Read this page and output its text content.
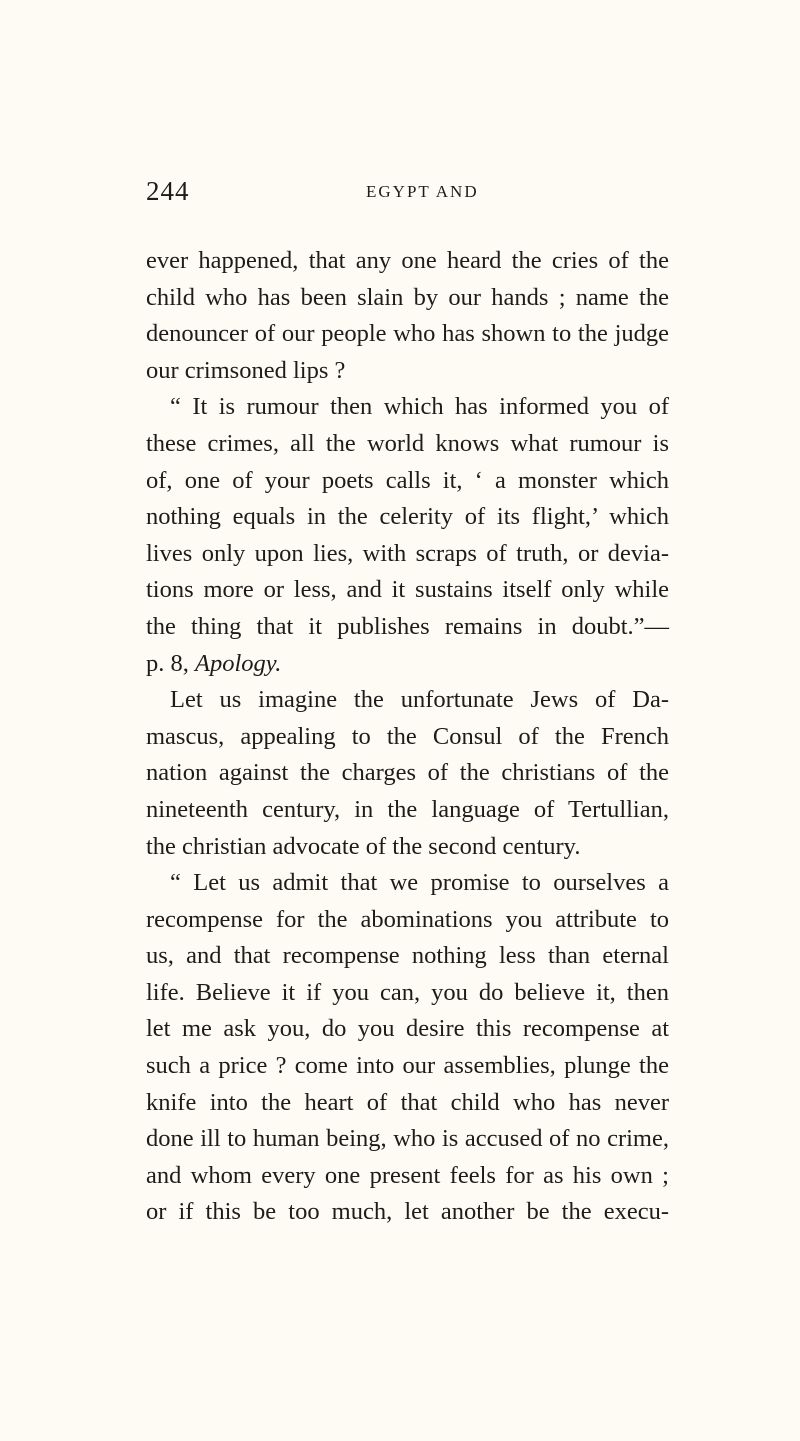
244	EGYPT AND
ever happened, that any one heard the cries of the
child who has been slain by our hands ; name the
denouncer of our people who has shown to the judge
our crimsoned lips ?
“ It is rumour then which has informed you of
these crimes, all the world knows what rumour is
of, one of your poets calls it, ‘ a monster which
nothing equals in the celerity of its flight,’ which
lives only upon lies, with scraps of truth, or devia-
tions more or less, and it sustains itself only while
the thing that it publishes remains in doubt.”—
p. 8, Apology.
Let us imagine the unfortunate Jews of Da-
mascus, appealing to the Consul of the French
nation against the charges of the christians of the
nineteenth century, in the language of Tertullian,
the christian advocate of the second century.
“ Let us admit that we promise to ourselves a
recompense for the abominations you attribute to
us, and that recompense nothing less than eternal
life. Believe it if you can, you do believe it, then
let me ask you, do you desire this recompense at
such a price ? come into our assemblies, plunge the
knife into the heart of that child who has never
done ill to human being, who is accused of no crime,
and whom every one present feels for as his own ;
or if this be too much, let another be the execu-
